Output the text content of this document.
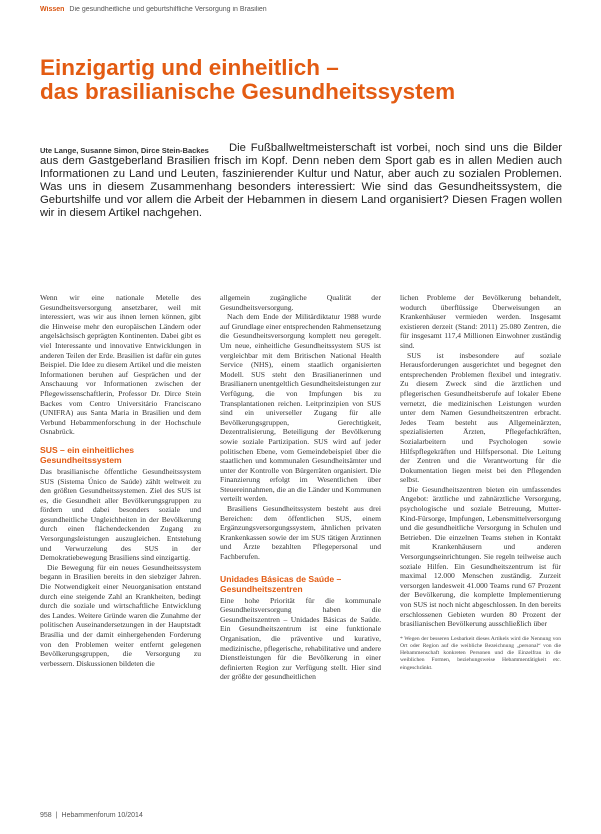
Wissen Die gesundheitliche und geburtshilfliche Versorgung in Brasilien
Einzigartig und einheitlich –
das brasilianische Gesundheitssystem
Ute Lange, Susanne Simon, Dirce Stein-Backes	Die Fußballweltmeisterschaft ist vorbei, noch sind uns die Bilder aus dem Gastgeberland Brasilien frisch im Kopf. Denn neben dem Sport gab es in allen Medien auch Informationen zu Land und Leuten, faszinierender Kultur und Natur, aber auch zu sozialen Problemen. Was uns in diesem Zusammenhang besonders interessiert: Wie sind das Gesundheitssystem, die Geburtshilfe und vor allem die Arbeit der Hebammen in diesem Land organisiert? Diesen Fragen wollen wir in diesem Artikel nachgehen.

Wenn wir eine nationale Metelle des Gesundheitsversorgung ansetzbarer, weil mit interessiert, was wir aus ihnen lernen können, gibt die Hinweise mehr den europäischen Ländern oder angelsächsisch geprägten Kontinenten. Dabei gibt es viel Interessante und innovative Entwicklungen in anderen Teilen der Erde. Brasilien ist dafür ein gutes Beispiel. Die Idee zu diesem Artikel und die meisten Informationen beruhen auf Gesprächen und der Anschauung vor Informationen zwischen der Pflegewissenschaftlerin, Professor Dr. Dirce Stein Backes vom Centro Universitário Franciscano (UNIFRA) aus Santa Maria in Brasilien und dem Verbund Hebammenforschung in der Hochschule Osnabrück.

SUS – ein einheitliches Gesundheitssystem

Das brasilianische öffentliche Gesundheitssystem SUS (Sistema Único de Saúde) zählt weltweit zu den größten Gesundheitssystemen. Ziel des SUS ist es, die Gesundheit aller Bevölkerungsgruppen zu fördern und dabei besonders soziale und gesundheitliche Ungleichheiten in der Bevölkerung durch einen flächendeckenden Zugang zu Versorgungsleistungen auszugleichen. Entstehung und Verwurzelung des SUS in der Demokratiebewegung Brasiliens sind einzigartig.

Die Bewegung für ein neues Gesundheitssystem begann in Brasilien bereits in den siebziger Jahren. Die Notwendigkeit einer Neuorganisation entstand durch eine steigende Zahl an Krankheiten, bedingt durch die soziale und wirtschaftliche Entwicklung des Landes. Weitere Gründe waren die Zunahme der politischen Auseinandersetzungen in der Hauptstadt Brasília und der damit einhergehenden Forderung von den Problemen weiter entfernt gelegenen Bevölkerungsgruppen, die Versorgung zu verbessern. Diskussionen bildeten die

allgemein zugängliche Qualität der Gesundheitsversorgung.

Nach dem Ende der Militärdiktatur 1988 wurde auf Grundlage einer entsprechenden Rahmensetzung die Gesundheitsversorgung komplett neu geregelt. Um neue, einheitliche Gesundheitssystem SUS ist vergleichbar mit dem Britischen National Health Service (NHS), einem staatlich organisierten Modell. SUS steht den Brasilianerinnen und Brasilianern unentgeltlich Gesundheitsleistungen zur Verfügung, die von Impfungen bis zu Transplantationen reichen. Leitprinzipien von SUS sind ein universeller Zugang für alle Bevölkerungsgruppen, Gerechtigkeit, Dezentralisierung, Beteiligung der Bevölkerung sowie soziale Partizipation. SUS wird auf jeder politischen Ebene, vom Gemeindebeispiel über die staatlichen und kommunalen Gesundheitsämter und unter der Kontrolle von Bürgerräten organisiert. Die Finanzierung erfolgt im Wesentlichen über Steuereinnahmen, die an die Länder und Kommunen verteilt werden.

Brasiliens Gesundheitssystem besteht aus drei Bereichen: dem öffentlichen SUS, einem Ergänzungsversorgungssystem, ähnlichen privaten Krankenkassen sowie der im SUS tätigen Ärztinnen und Ärzte bezahlten Pflegepersonal und Fachberufen.

Unidades Básicas de Saúde – Gesundheitszentren

Eine hohe Priorität für die kommunale Gesundheitsversorgung haben die Gesundheitszentren – Unidades Básicas de Saúde. Ein Gesundheitszentrum ist eine funktionale Organisation, die präventive und kurative, medizinische, pflegerische, rehabilitative und andere Dienstleistungen für die Bevölkerung in einer definierten Region zur Verfügung stellt. Hier sind der größte der gesundheitlichen

lichen Probleme der Bevölkerung behandelt, wodurch überflüssige Überweisungen an Krankenhäuser vermieden werden. Insgesamt existieren derzeit (Stand: 2011) 25.080 Zentren, die für insgesamt 117,4 Millionen Einwohner zuständig sind.

SUS ist insbesondere auf soziale Herausforderungen ausgerichtet und begegnet den entsprechenden Problemen flexibel und integrativ. Zu diesem Zweck sind die ärztlichen und pflegerischen Gesundheitsberufe auf lokaler Ebene vernetzt, die medizinischen Leistungen wurden unter dem Namen Gesundheitszentren erbracht. Jedes Team besteht aus Allgemeinärzten, spezialisierten Ärzten, Pflegefachkräften, Sozialarbeitern und Psychologen sowie Hilfspflegekräften und Hilfspersonal. Die Leitung der Zentren und die Verantwortung für die Dokumentation liegen meist bei den Pflegenden selbst.

Die Gesundheitszentren bieten ein umfassendes Angebot: ärztliche und zahnärztliche Versorgung, psychologische und soziale Betreuung, Mutter-Kind-Fürsorge, Impfungen, Lebensmittelversorgung und die gesundheitliche Versorgung in Schulen und Betrieben. Die einzelnen Teams stehen in Kontakt mit Krankenhäusern und anderen Versorgungseinrichtungen. Sie regeln teilweise auch soziale Hilfen. Ein Gesundheitszentrum ist für maximal 12.000 Menschen zuständig. Zurzeit versorgen landesweit 41.000 Teams rund 67 Prozent der Bevölkerung, die komplette Implementierung von SUS ist noch nicht abgeschlossen. In den bereits erschlossenen Gebieten wurden 80 Prozent der brasilianischen Bevölkerung ausschließlich über

* Wegen der besseren Lesbarkeit dieses Artikels wird die Nennung von Ort oder Region auf die weibliche Bezeichnung „personal“ von die Hebammenschaft konkreten Personen und die Einzelfrau in die weiblichen Formen, beziehungsweise Hebammentätigkeit etc. eingeschränkt.

958 | Hebammenforum 10/2014
